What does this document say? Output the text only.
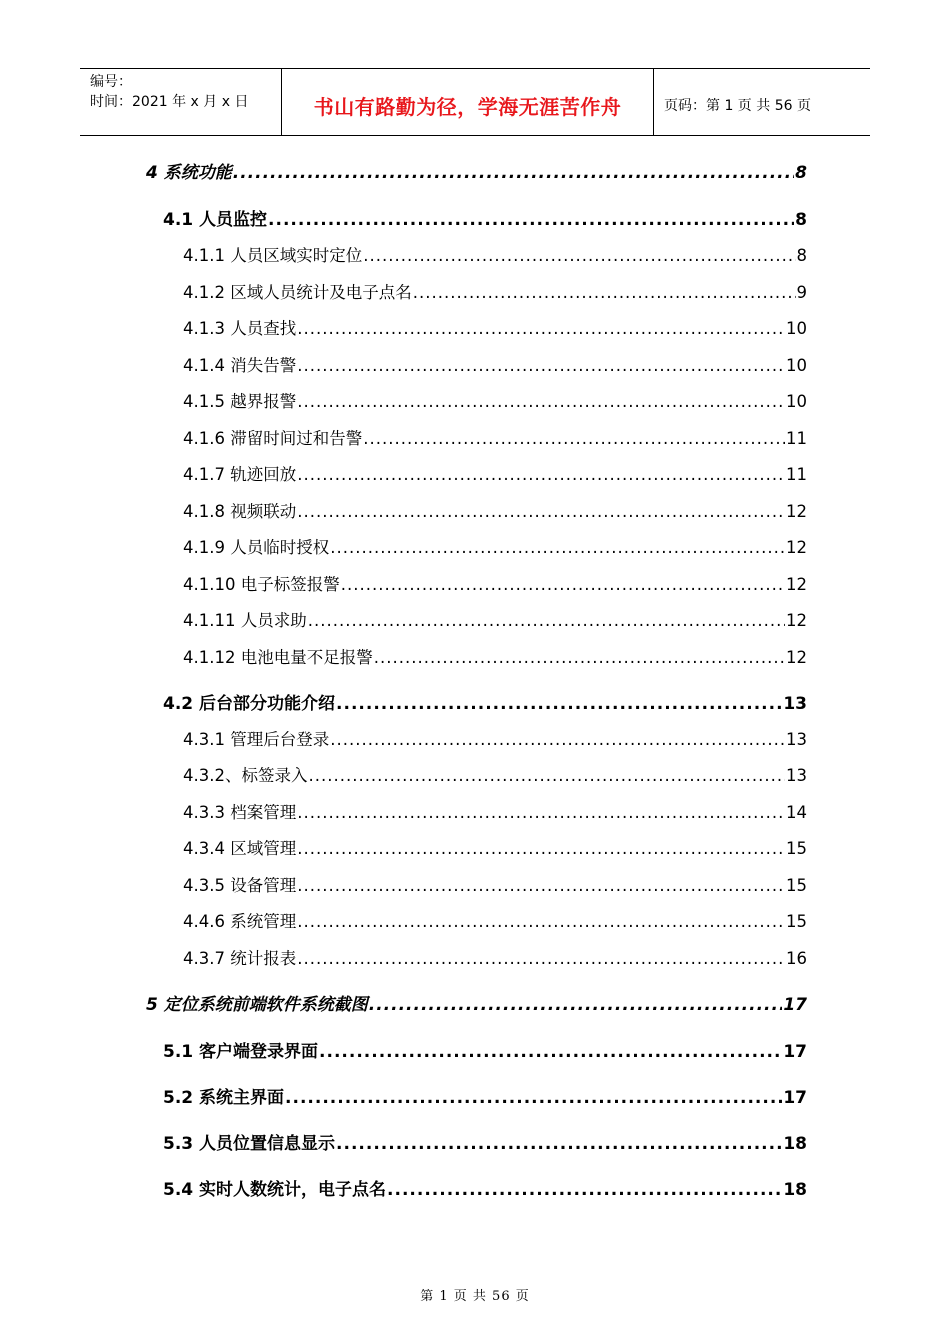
编号：
时间：2021 年 x 月 x 日	书山有路勤为径，学海无涯苦作舟	页码：第 1 页 共 56 页
4 系统功能 .....	8
4.1 人员监控 .....	8
4.1.1 人员区域实时定位 .....	8
4.1.2 区域人员统计及电子点名 .....	9
4.1.3 人员查找 .....	10
4.1.4 消失告警 .....	10
4.1.5 越界报警 .....	10
4.1.6 滞留时间过和告警 .....	11
4.1.7 轨迹回放 .....	11
4.1.8 视频联动 .....	12
4.1.9 人员临时授权 .....	12
4.1.10 电子标签报警 .....	12
4.1.11 人员求助 .....	12
4.1.12 电池电量不足报警 .....	12
4.2 后台部分功能介绍 .....	13
4.3.1 管理后台登录 .....	13
4.3.2、标签录入 .....	13
4.3.3 档案管理 .....	14
4.3.4 区域管理 .....	15
4.3.5 设备管理 .....	15
4.4.6 系统管理 .....	15
4.3.7 统计报表 .....	16
5 定位系统前端软件系统截图 .....	17
5.1 客户端登录界面 .....	17
5.2 系统主界面 .....	17
5.3 人员位置信息显示 .....	18
5.4 实时人数统计，电子点名 .....	18
第 1 页 共 56 页
